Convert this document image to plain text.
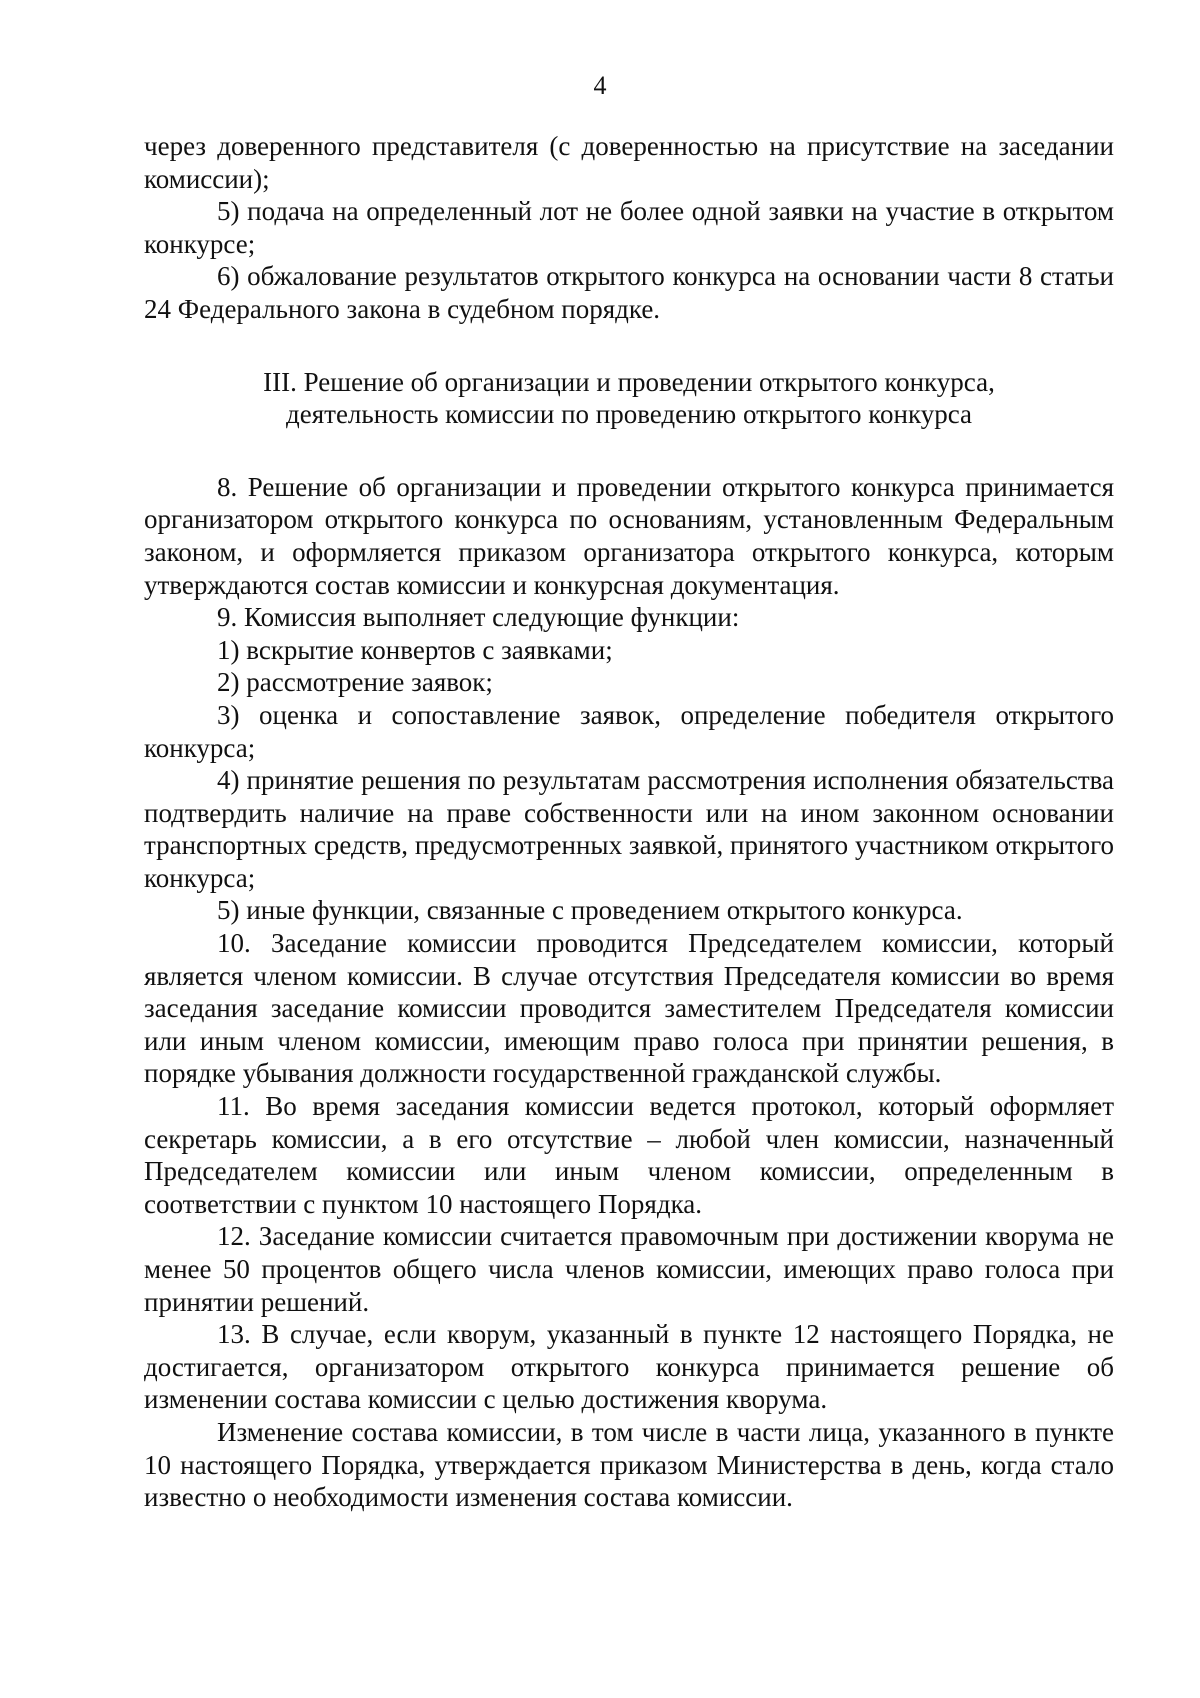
4

через доверенного представителя (с доверенностью на присутствие на заседании комиссии);

5) подача на определенный лот не более одной заявки на участие в открытом конкурсе;

6) обжалование результатов открытого конкурса на основании части 8 статьи 24 Федерального закона в судебном порядке.

III. Решение об организации и проведении открытого конкурса,
деятельность комиссии по проведению открытого конкурса

8. Решение об организации и проведении открытого конкурса принимается организатором открытого конкурса по основаниям, установленным Федеральным законом, и оформляется приказом организатора открытого конкурса, которым утверждаются состав комиссии и конкурсная документация.

9. Комиссия выполняет следующие функции:

1) вскрытие конвертов с заявками;

2) рассмотрение заявок;

3) оценка и сопоставление заявок, определение победителя открытого конкурса;

4) принятие решения по результатам рассмотрения исполнения обязательства подтвердить наличие на праве собственности или на ином законном основании транспортных средств, предусмотренных заявкой, принятого участником открытого конкурса;

5) иные функции, связанные с проведением открытого конкурса.

10. Заседание комиссии проводится Председателем комиссии, который является членом комиссии. В случае отсутствия Председателя комиссии во время заседания заседание комиссии проводится заместителем Председателя комиссии или иным членом комиссии, имеющим право голоса при принятии решения, в порядке убывания должности государственной гражданской службы.

11. Во время заседания комиссии ведется протокол, который оформляет секретарь комиссии, а в его отсутствие – любой член комиссии, назначенный Председателем комиссии или иным членом комиссии, определенным в соответствии с пунктом 10 настоящего Порядка.

12. Заседание комиссии считается правомочным при достижении кворума не менее 50 процентов общего числа членов комиссии, имеющих право голоса при принятии решений.

13. В случае, если кворум, указанный в пункте 12 настоящего Порядка, не достигается, организатором открытого конкурса принимается решение об изменении состава комиссии с целью достижения кворума.

Изменение состава комиссии, в том числе в части лица, указанного в пункте 10 настоящего Порядка, утверждается приказом Министерства в день, когда стало известно о необходимости изменения состава комиссии.
